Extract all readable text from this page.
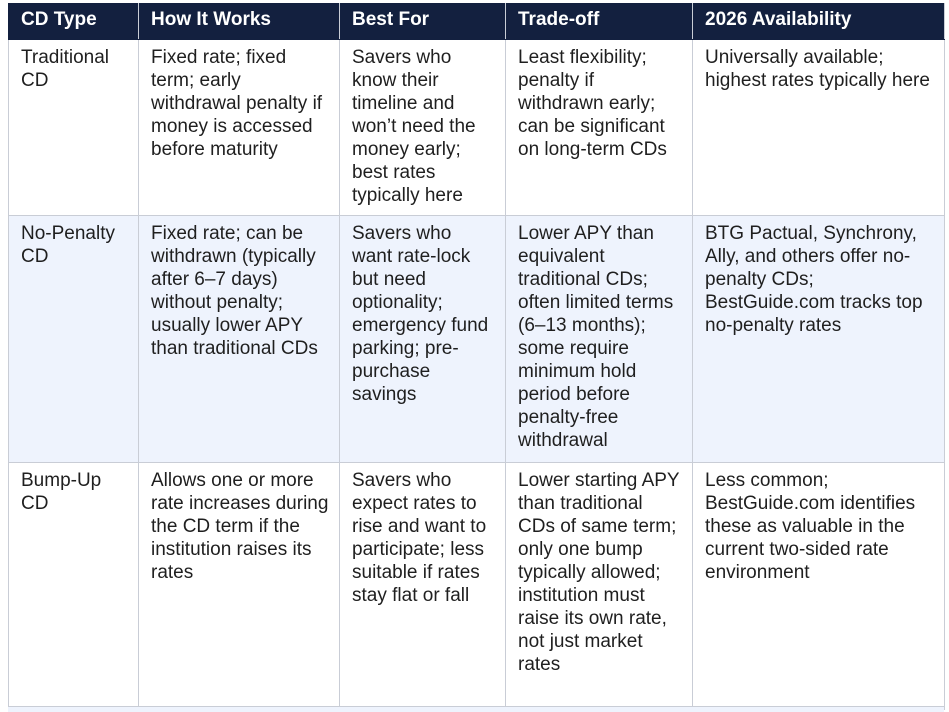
CD Type	How It Works	Best For	Trade-off	2026 Availability
Traditional CD	Fixed rate; fixed term; early withdrawal penalty if money is accessed before maturity	Savers who know their timeline and won’t need the money early; best rates typically here	Least flexibility; penalty if withdrawn early; can be significant on long-term CDs	Universally available; highest rates typically here
No-Penalty CD	Fixed rate; can be withdrawn (typically after 6–7 days) without penalty; usually lower APY than traditional CDs	Savers who want rate-lock but need optionality; emergency fund parking; pre-purchase savings	Lower APY than equivalent traditional CDs; often limited terms (6–13 months); some require minimum hold period before penalty-free withdrawal	BTG Pactual, Synchrony, Ally, and others offer no-penalty CDs; BestGuide.com tracks top no-penalty rates
Bump-Up CD	Allows one or more rate increases during the CD term if the institution raises its rates	Savers who expect rates to rise and want to participate; less suitable if rates stay flat or fall	Lower starting APY than traditional CDs of same term; only one bump typically allowed; institution must raise its own rate, not just market rates	Less common; BestGuide.com identifies these as valuable in the current two-sided rate environment
